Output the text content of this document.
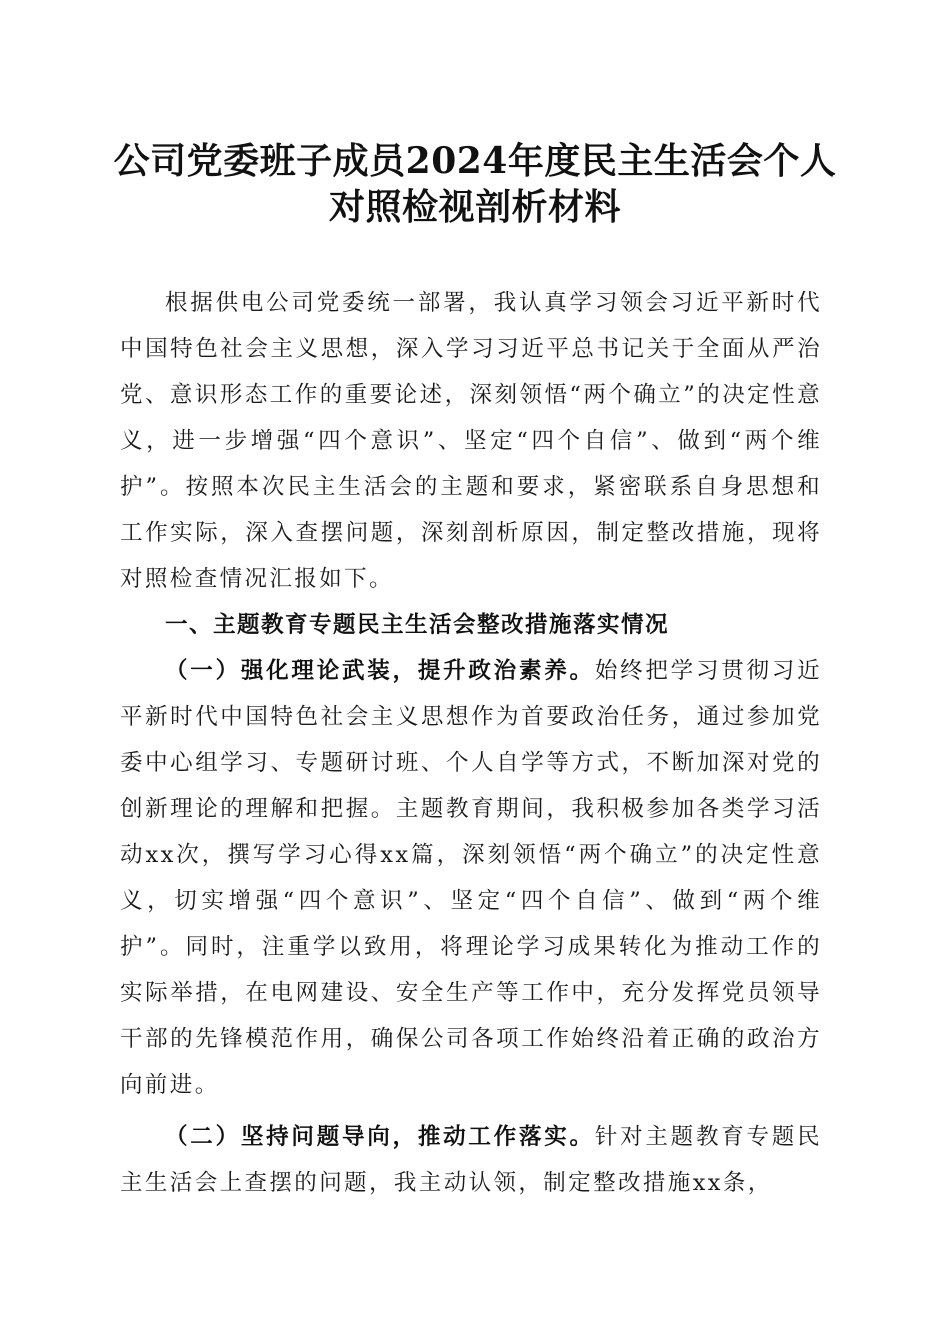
公司党委班子成员2024年度民主生活会个人
对照检视剖析材料

根据供电公司党委统一部署，我认真学习领会习近平新时代中国特色社会主义思想，深入学习习近平总书记关于全面从严治党、意识形态工作的重要论述，深刻领悟“两个确立”的决定性意义，进一步增强“四个意识”、坚定“四个自信”、做到“两个维护”。按照本次民主生活会的主题和要求，紧密联系自身思想和工作实际，深入查摆问题，深刻剖析原因，制定整改措施，现将对照检查情况汇报如下。

一、主题教育专题民主生活会整改措施落实情况

（一）强化理论武装，提升政治素养。始终把学习贯彻习近平新时代中国特色社会主义思想作为首要政治任务，通过参加党委中心组学习、专题研讨班、个人自学等方式，不断加深对党的创新理论的理解和把握。主题教育期间，我积极参加各类学习活动xx次，撰写学习心得xx篇，深刻领悟“两个确立”的决定性意义，切实增强“四个意识”、坚定“四个自信”、做到“两个维护”。同时，注重学以致用，将理论学习成果转化为推动工作的实际举措，在电网建设、安全生产等工作中，充分发挥党员领导干部的先锋模范作用，确保公司各项工作始终沿着正确的政治方向前进。

（二）坚持问题导向，推动工作落实。针对主题教育专题民主生活会上查摆的问题，我主动认领，制定整改措施xx条，
